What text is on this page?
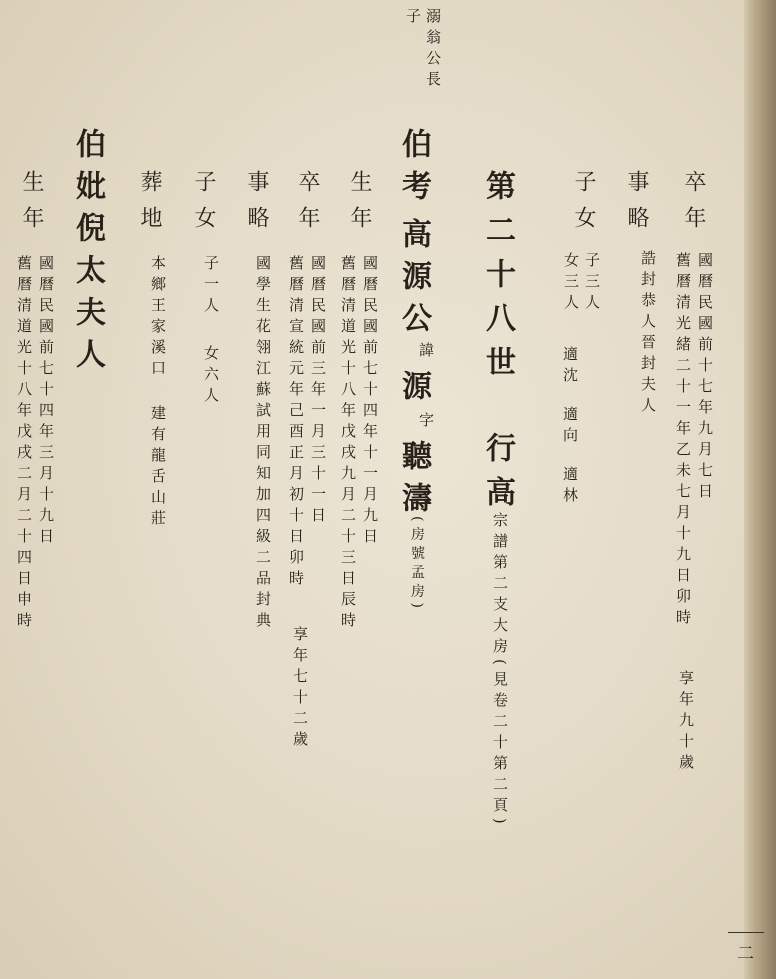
溺翁公長
子
卒年
國曆民國前十七年九月七日
舊曆清光緒二十一年乙未七月十九日卯時
享年九十歲
事略
誥封恭人晉封夫人
子女
子三人
女三人
適沈
適向
適林
第二十八世
行高
宗譜第二支大房(見卷二十第二頁)
伯考
高源公
諱
源
字
聽濤
(房號孟房)
生年
國曆民國前七十四年十一月九日
舊曆清道光十八年戊戌九月二十三日辰時
卒年
國曆民國前三年一月三十一日
舊曆清宣統元年己酉正月初十日卯時
享年七十二歲
事略
國學生花翎江蘇試用同知加四級二品封典
子女
子一人
女六人
葬地
本鄉王家溪口
建有龍舌山莊
伯妣倪太夫人
生年
國曆民國前七十四年三月十九日
舊曆清道光十八年戊戌二月二十四日申時
二
